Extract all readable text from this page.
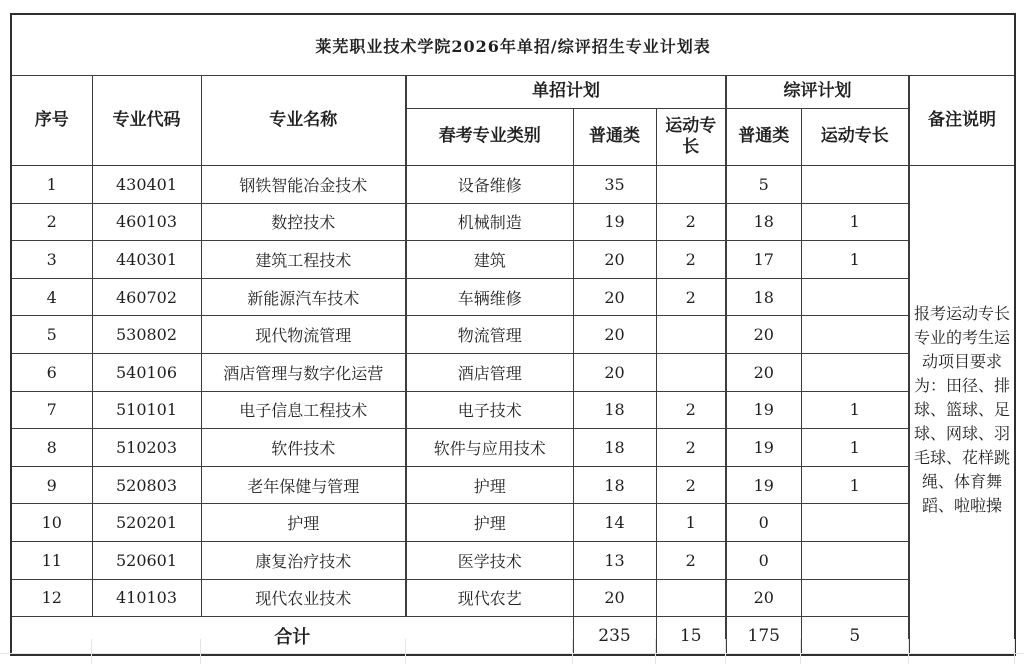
莱芜职业技术学院2026年单招/综评招生专业计划表								
序号	专业代码	专业名称	单招计划			综评计划		备注说明
			春考专业类别	普通类	运动专长	普通类	运动专长	
1	430401	钢铁智能冶金技术	设备维修	35		5		报考运动专长专业的考生运动项目要求为：田径、排球、篮球、足球、网球、羽毛球、花样跳绳、体育舞蹈、啦啦操
2	460103	数控技术	机械制造	19	2	18	1	
3	440301	建筑工程技术	建筑	20	2	17	1	
4	460702	新能源汽车技术	车辆维修	20	2	18		
5	530802	现代物流管理	物流管理	20		20		
6	540106	酒店管理与数字化运营	酒店管理	20		20		
7	510101	电子信息工程技术	电子技术	18	2	19	1	
8	510203	软件技术	软件与应用技术	18	2	19	1	
9	520803	老年保健与管理	护理	18	2	19	1	
10	520201	护理	护理	14	1	0		
11	520601	康复治疗技术	医学技术	13	2	0		
12	410103	现代农业技术	现代农艺	20		20		
合计				235	15	175	5	
